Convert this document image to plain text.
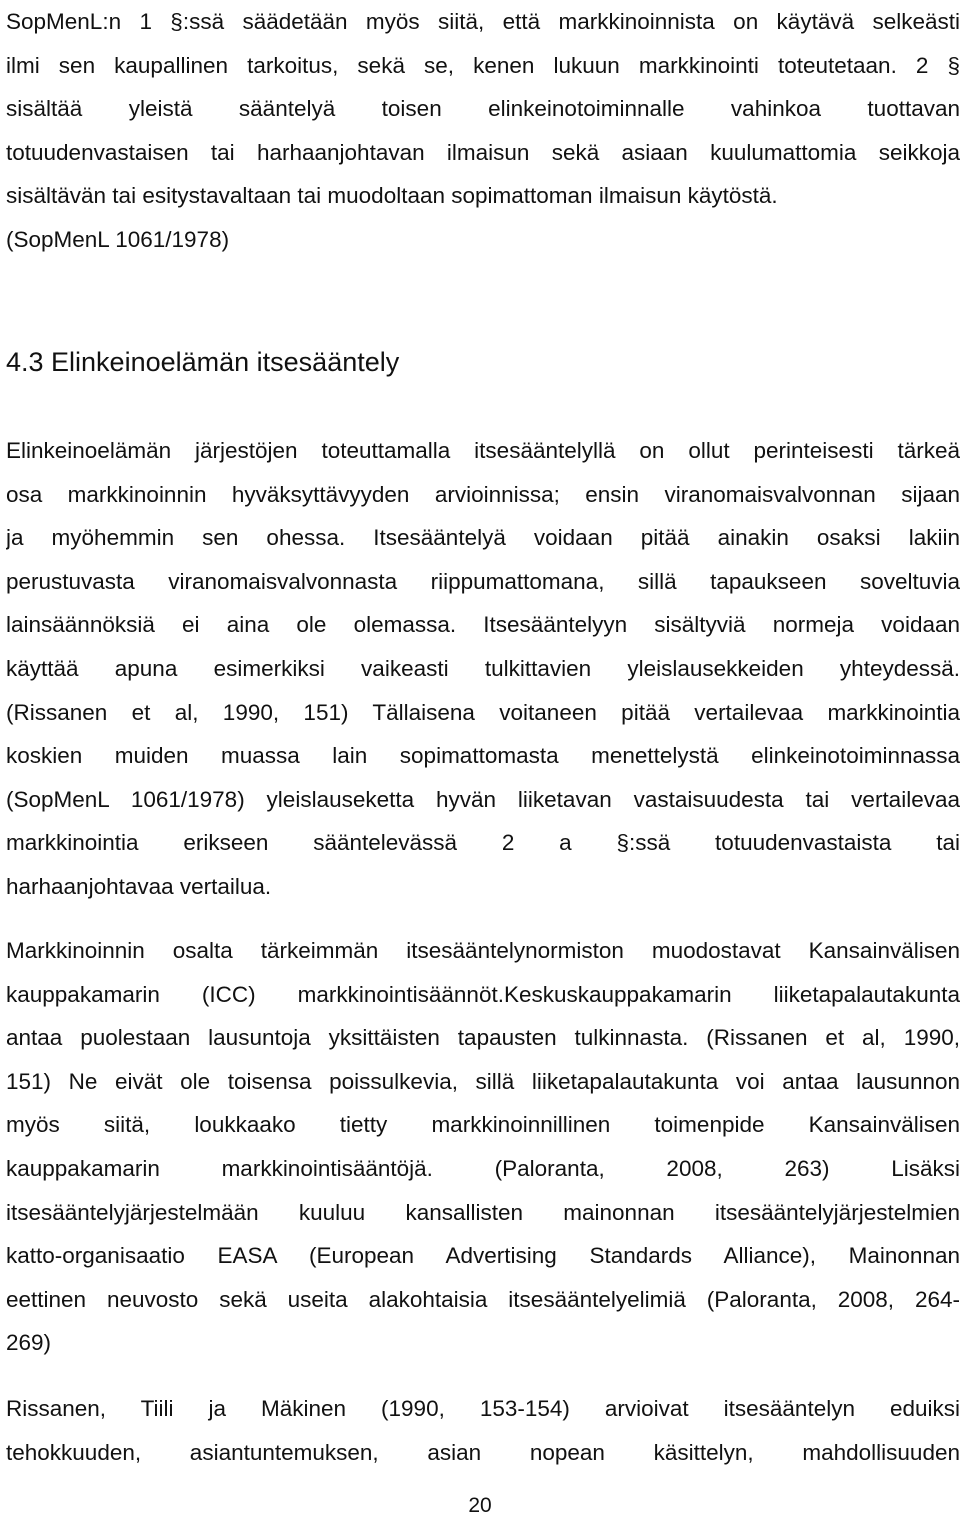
SopMenL:n 1 §:ssä säädetään myös siitä, että markkinoinnista on käytävä selkeästi
ilmi sen kaupallinen tarkoitus, sekä se, kenen lukuun markkinointi toteutetaan. 2 §
sisältää yleistä sääntelyä toisen elinkeinotoiminnalle vahinkoa tuottavan
totuudenvastaisen tai harhaanjohtavan ilmaisun sekä asiaan kuulumattomia seikkoja
sisältävän tai esitystavaltaan tai muodoltaan sopimattoman ilmaisun käytöstä.
(SopMenL 1061/1978)
4.3 Elinkeinoelämän itsesääntely
Elinkeinoelämän järjestöjen toteuttamalla itsesääntelyllä on ollut perinteisesti tärkeä
osa markkinoinnin hyväksyttävyyden arvioinnissa; ensin viranomaisvalvonnan sijaan
ja myöhemmin sen ohessa. Itsesääntelyä voidaan pitää ainakin osaksi lakiin
perustuvasta viranomaisvalvonnasta riippumattomana, sillä tapaukseen soveltuvia
lainsäännöksiä ei aina ole olemassa. Itsesääntelyyn sisältyviä normeja voidaan
käyttää apuna esimerkiksi vaikeasti tulkittavien yleislausekkeiden yhteydessä.
(Rissanen et al, 1990, 151) Tällaisena voitaneen pitää vertailevaa markkinointia
koskien muiden muassa lain sopimattomasta menettelystä elinkeinotoiminnassa
(SopMenL 1061/1978) yleislauseketta hyvän liiketavan vastaisuudesta tai vertailevaa
markkinointia erikseen sääntelevässä 2 a §:ssä totuudenvastaista tai
harhaanjohtavaa vertailua.
Markkinoinnin osalta tärkeimmän itsesääntelynormiston muodostavat Kansainvälisen
kauppakamarin (ICC) markkinointisäännöt.Keskuskauppakamarin liiketapalautakunta
antaa puolestaan lausuntoja yksittäisten tapausten tulkinnasta. (Rissanen et al, 1990,
151) Ne eivät ole toisensa poissulkevia, sillä liiketapalautakunta voi antaa lausunnon
myös siitä, loukkaako tietty markkinoinnillinen toimenpide Kansainvälisen
kauppakamarin markkinointisääntöjä. (Paloranta, 2008, 263) Lisäksi
itsesääntelyjärjestelmään kuuluu kansallisten mainonnan itsesääntelyjärjestelmien
katto-organisaatio EASA (European Advertising Standards Alliance), Mainonnan
eettinen neuvosto sekä useita alakohtaisia itsesääntelyelimiä (Paloranta, 2008, 264-
269)
Rissanen, Tiili ja Mäkinen (1990, 153-154) arvioivat itsesääntelyn eduiksi
tehokkuuden, asiantuntemuksen, asian nopean käsittelyn, mahdollisuuden
20
